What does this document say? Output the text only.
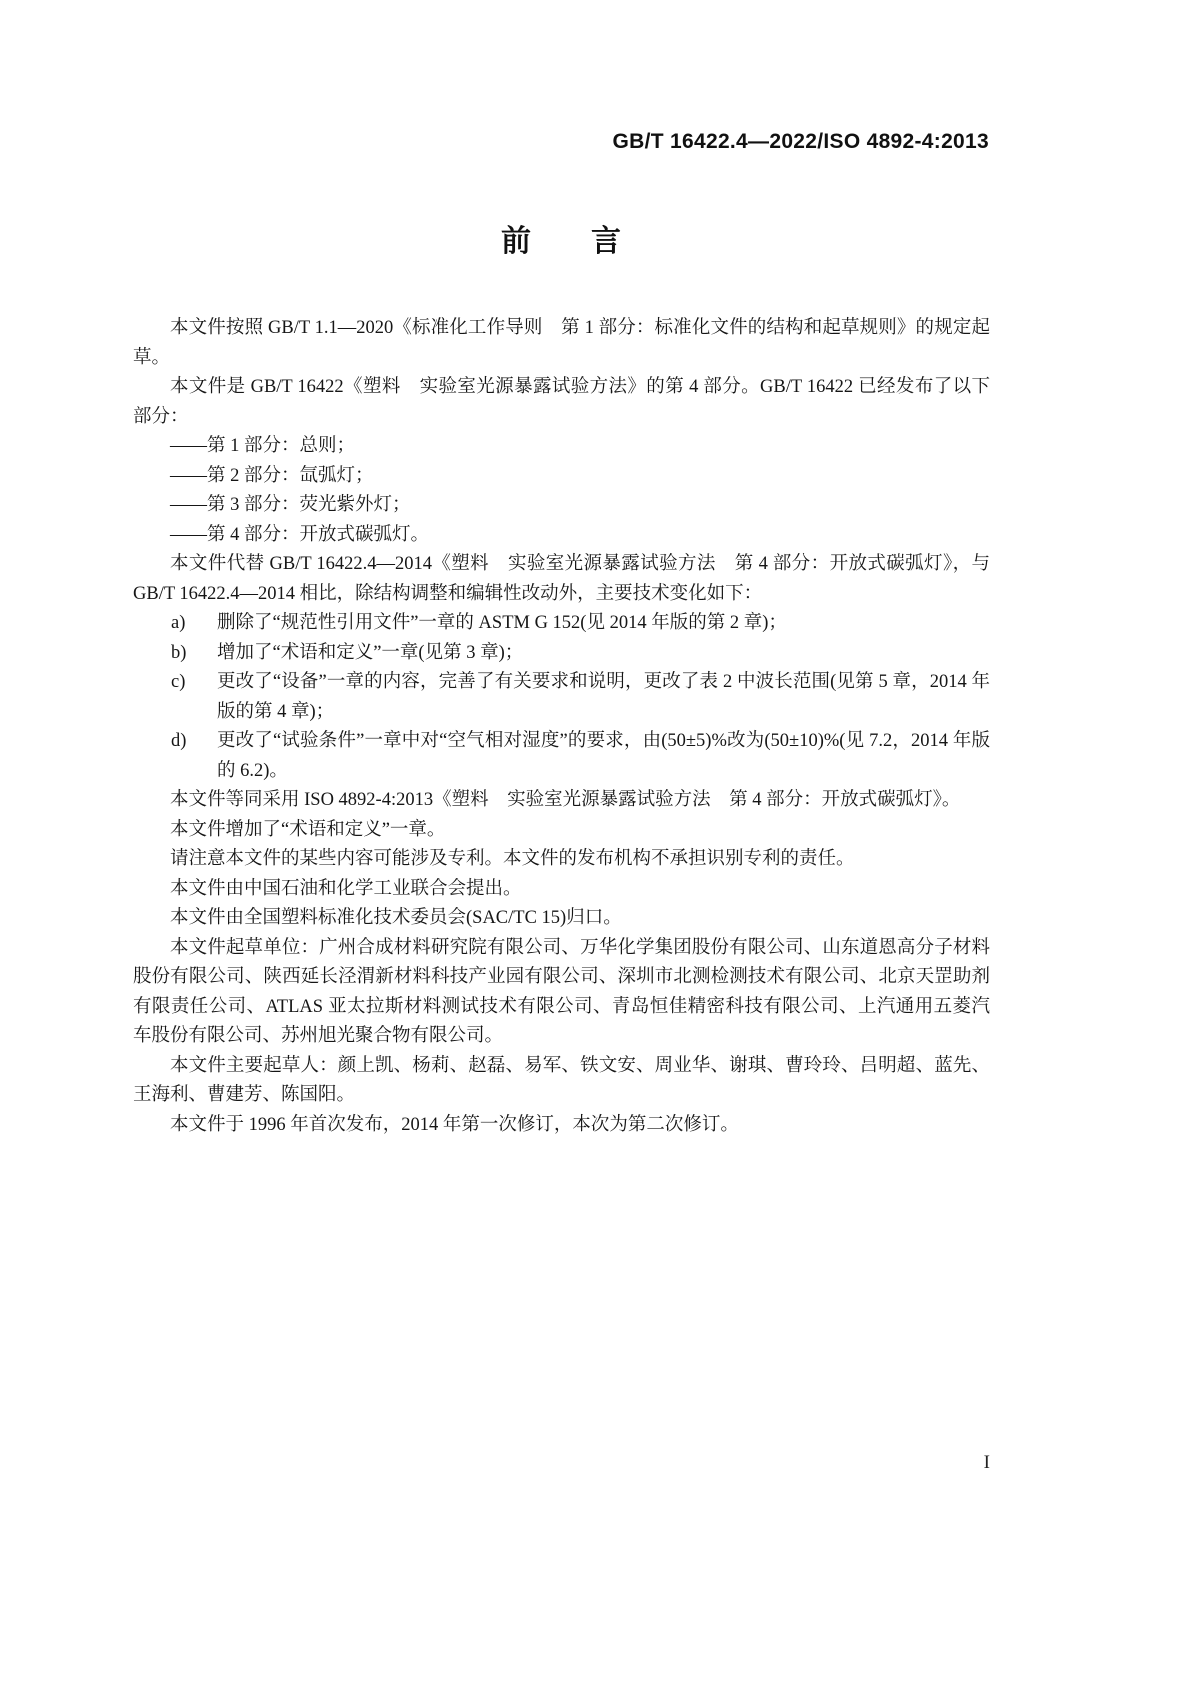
GB/T 16422.4—2022/ISO 4892-4:2013
前　　言

本文件按照 GB/T 1.1—2020《标准化工作导则　第 1 部分：标准化文件的结构和起草规则》的规定起草。

本文件是 GB/T 16422《塑料　实验室光源暴露试验方法》的第 4 部分。GB/T 16422 已经发布了以下部分：

——第 1 部分：总则；

——第 2 部分：氙弧灯；

——第 3 部分：荧光紫外灯；

——第 4 部分：开放式碳弧灯。

本文件代替 GB/T 16422.4—2014《塑料　实验室光源暴露试验方法　第 4 部分：开放式碳弧灯》，与 GB/T 16422.4—2014 相比，除结构调整和编辑性改动外，主要技术变化如下：

a) 删除了“规范性引用文件”一章的 ASTM G 152(见 2014 年版的第 2 章)；

b) 增加了“术语和定义”一章(见第 3 章)；

c) 更改了“设备”一章的内容，完善了有关要求和说明，更改了表 2 中波长范围(见第 5 章，2014 年版的第 4 章)；

d) 更改了“试验条件”一章中对“空气相对湿度”的要求，由(50±5)%改为(50±10)%(见 7.2，2014 年版的 6.2)。

本文件等同采用 ISO 4892-4:2013《塑料　实验室光源暴露试验方法　第 4 部分：开放式碳弧灯》。

本文件增加了“术语和定义”一章。

请注意本文件的某些内容可能涉及专利。本文件的发布机构不承担识别专利的责任。

本文件由中国石油和化学工业联合会提出。

本文件由全国塑料标准化技术委员会(SAC/TC 15)归口。

本文件起草单位：广州合成材料研究院有限公司、万华化学集团股份有限公司、山东道恩高分子材料股份有限公司、陕西延长泾渭新材料科技产业园有限公司、深圳市北测检测技术有限公司、北京天罡助剂有限责任公司、ATLAS 亚太拉斯材料测试技术有限公司、青岛恒佳精密科技有限公司、上汽通用五菱汽车股份有限公司、苏州旭光聚合物有限公司。

本文件主要起草人：颜上凯、杨莉、赵磊、易军、铁文安、周业华、谢琪、曹玲玲、吕明超、蓝先、王海利、曹建芳、陈国阳。

本文件于 1996 年首次发布，2014 年第一次修订，本次为第二次修订。

I
